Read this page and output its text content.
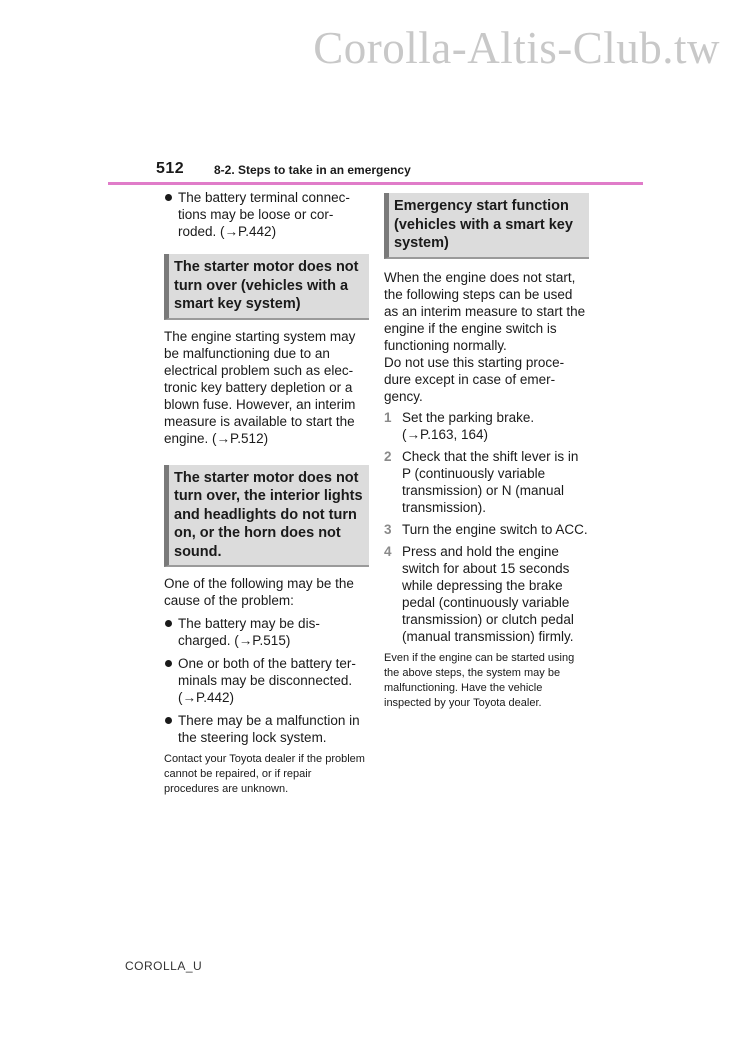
Corolla-Altis-Club.tw
512 8-2. Steps to take in an emergency
The battery terminal connec-tions may be loose or cor-roded. (→P.442)
The starter motor does not turn over (vehicles with a smart key system)
The engine starting system may be malfunctioning due to an electrical problem such as elec-tronic key battery depletion or a blown fuse. However, an interim measure is available to start the engine. (→P.512)
The starter motor does not turn over, the interior lights and headlights do not turn on, or the horn does not sound.
One of the following may be the cause of the problem:
The battery may be dis-charged. (→P.515)
One or both of the battery ter-minals may be disconnected. (→P.442)
There may be a malfunction in the steering lock system.
Contact your Toyota dealer if the problem cannot be repaired, or if repair procedures are unknown.
Emergency start function (vehicles with a smart key system)
When the engine does not start, the following steps can be used as an interim measure to start the engine if the engine switch is functioning normally.
Do not use this starting proce-dure except in case of emer-gency.
1 Set the parking brake. (→P.163, 164)
2 Check that the shift lever is in P (continuously variable transmission) or N (manual transmission).
3 Turn the engine switch to ACC.
4 Press and hold the engine switch for about 15 seconds while depressing the brake pedal (continuously variable transmission) or clutch pedal (manual transmission) firmly.
Even if the engine can be started using the above steps, the system may be malfunctioning. Have the vehicle inspected by your Toyota dealer.
COROLLA_U
